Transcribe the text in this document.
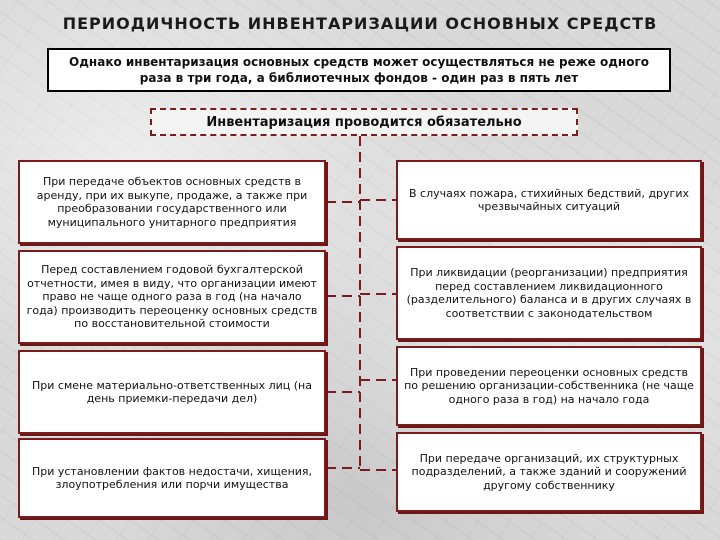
ПЕРИОДИЧНОСТЬ ИНВЕНТАРИЗАЦИИ ОСНОВНЫХ СРЕДСТВ
Однако инвентаризация основных средств может осуществляться не реже одного раза в три года, а библиотечных фондов - один раз в пять лет
Инвентаризация проводится обязательно
При передаче объектов основных средств в аренду, при их выкупе, продаже, а также при преобразовании государственного или муниципального унитарного предприятия
Перед составлением годовой бухгалтерской отчетности, имея в виду, что организации имеют право не чаще одного раза в год (на начало года) производить переоценку основных средств по восстановительной стоимости
При смене материально-ответственных лиц (на день приемки-передачи дел)
При установлении фактов недостачи, хищения, злоупотребления или порчи имущества
В случаях пожара, стихийных бедствий, других чрезвычайных ситуаций
При ликвидации (реорганизации) предприятия перед составлением ликвидационного (разделительного) баланса и в других случаях в соответствии с законодательством
При проведении переоценки основных средств по решению организации-собственника (не чаще одного раза в год) на начало года
При передаче организаций, их структурных подразделений, а также зданий и сооружений другому собственнику
